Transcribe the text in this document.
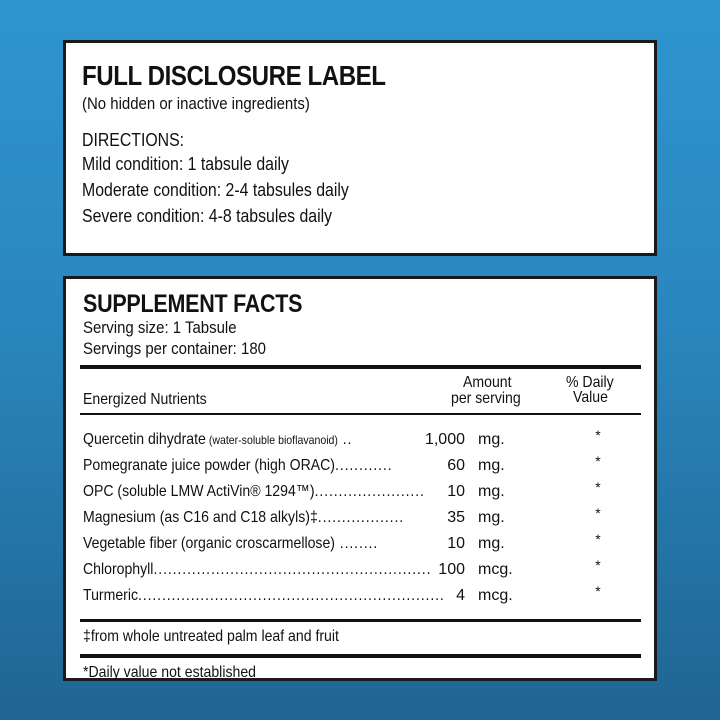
FULL DISCLOSURE LABEL
(No hidden or inactive ingredients)
DIRECTIONS:
Mild condition: 1 tabsule daily
Moderate condition: 2-4 tabsules daily
Severe condition: 4-8 tabsules daily
SUPPLEMENT FACTS
Serving size: 1 Tabsule
Servings per container: 180
Energized Nutrients
Amount
per serving
% Daily
Value
Quercetin dihydrate (water-soluble bioflavanoid) ..	1,000 mg.	*
Pomegranate juice powder (high ORAC)............	60 mg.	*
OPC (soluble LMW ActiVin® 1294™).......................	10 mg.	*
Magnesium (as C16 and C18 alkyls)‡..................	35 mg.	*
Vegetable fiber (organic croscarmellose) ........	10 mg.	*
Chlorophyll.......................................................... 100 mcg.	*
Turmeric................................................................ 4 mcg.	*
‡from whole untreated palm leaf and fruit
*Daily value not established
